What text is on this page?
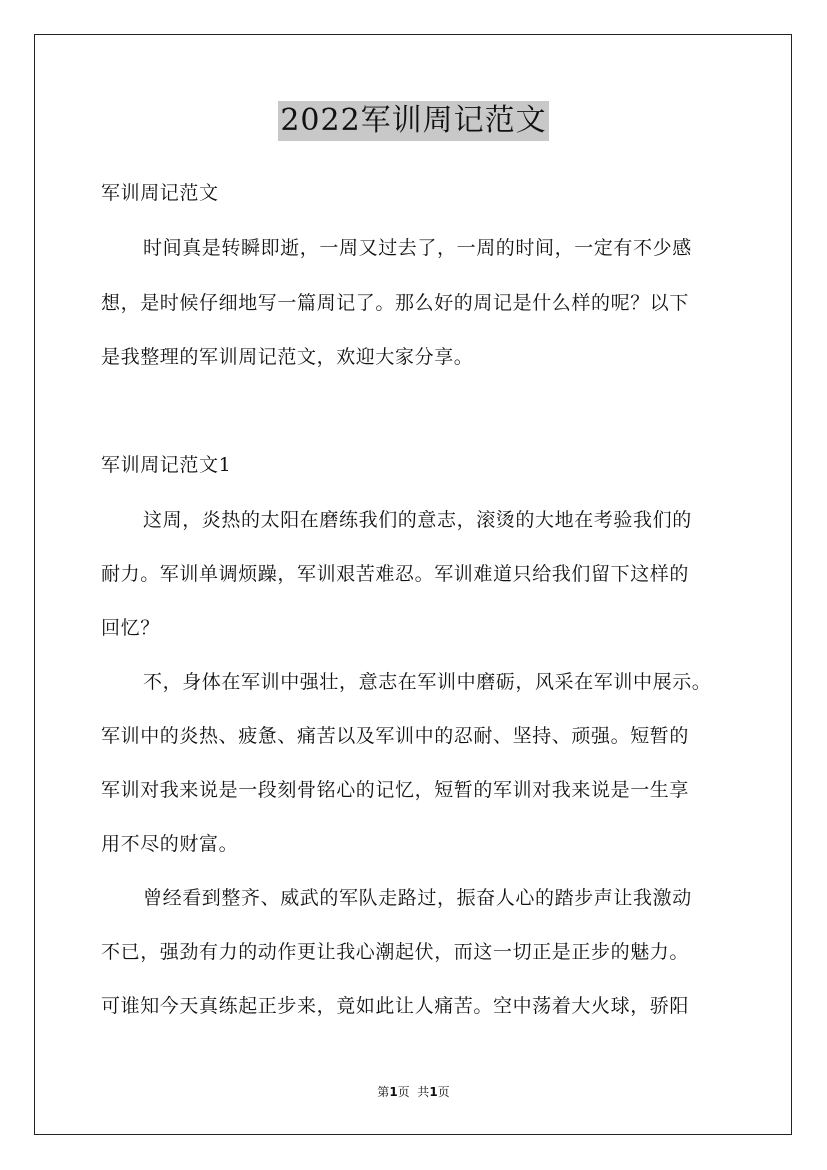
2022军训周记范文
军训周记范文
时间真是转瞬即逝，一周又过去了，一周的时间，一定有不少感
想，是时候仔细地写一篇周记了。那么好的周记是什么样的呢？以下
是我整理的军训周记范文，欢迎大家分享。
军训周记范文1
这周，炎热的太阳在磨练我们的意志，滚烫的大地在考验我们的
耐力。军训单调烦躁，军训艰苦难忍。军训难道只给我们留下这样的
回忆？
不，身体在军训中强壮，意志在军训中磨砺，风采在军训中展示。
军训中的炎热、疲惫、痛苦以及军训中的忍耐、坚持、顽强。短暂的
军训对我来说是一段刻骨铭心的记忆，短暂的军训对我来说是一生享
用不尽的财富。
曾经看到整齐、威武的军队走路过，振奋人心的踏步声让我激动
不已，强劲有力的动作更让我心潮起伏，而这一切正是正步的魅力。
可谁知今天真练起正步来，竟如此让人痛苦。空中荡着大火球，骄阳
第1页  共1页
